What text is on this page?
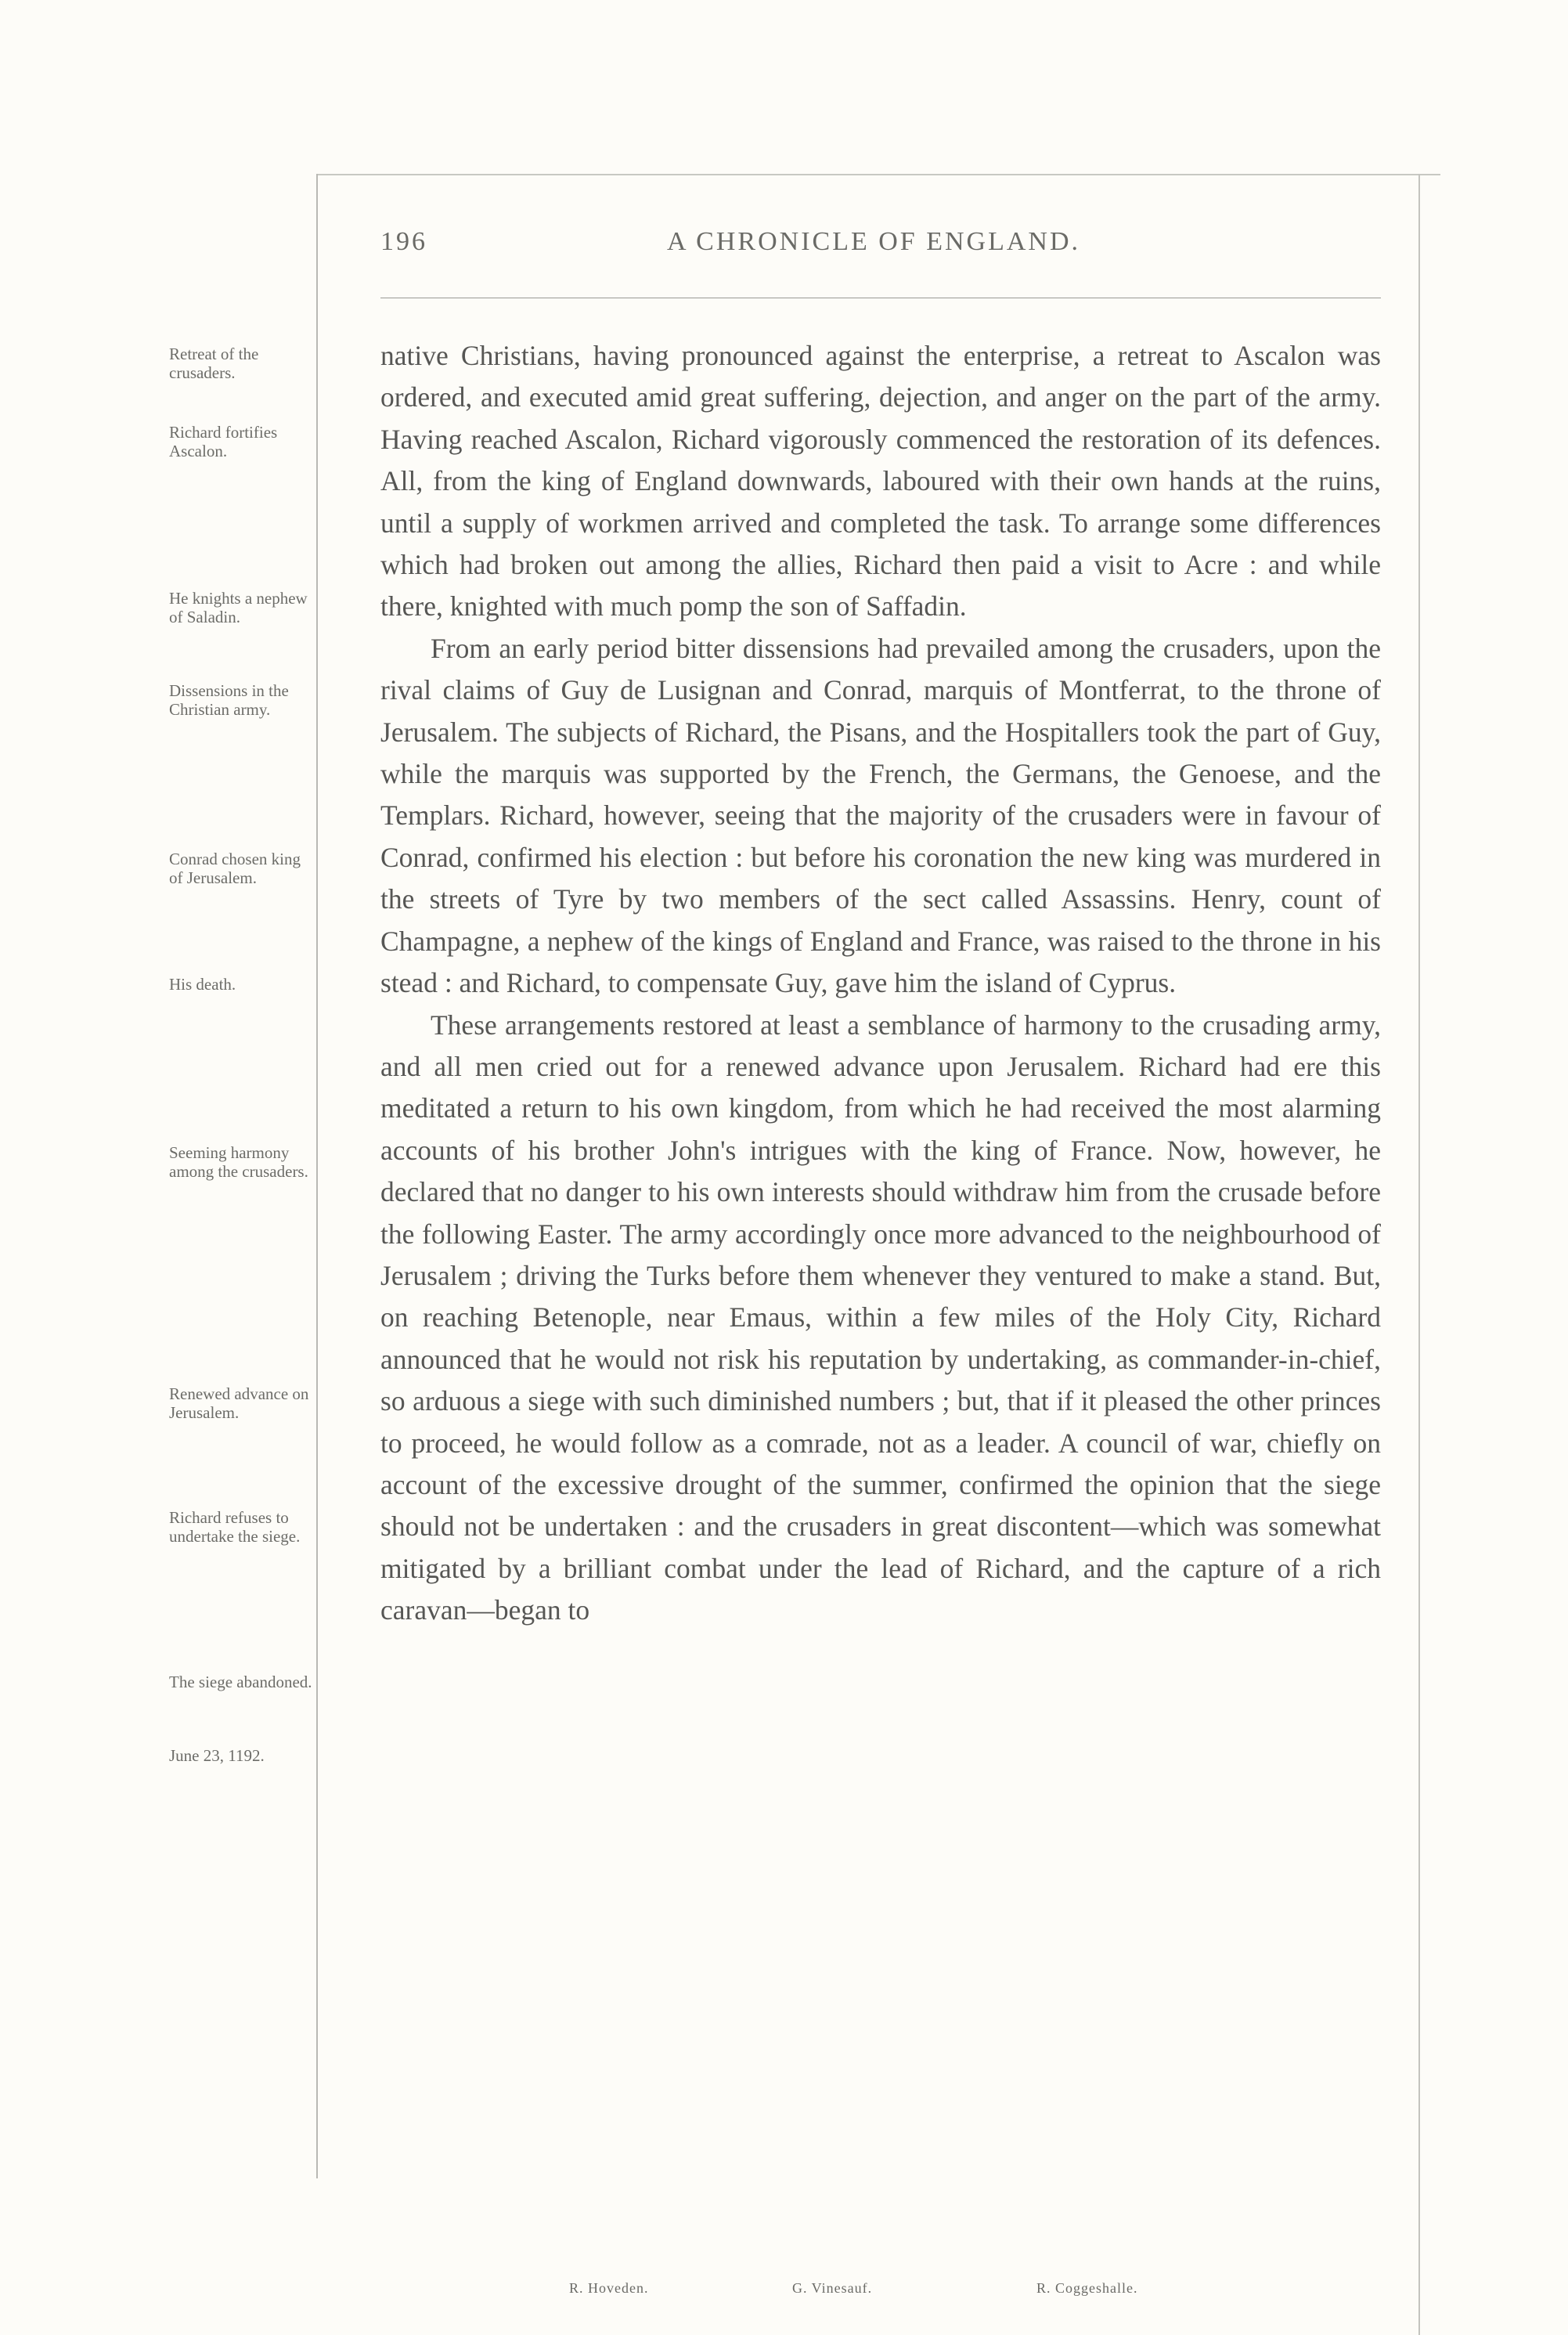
196	A CHRONICLE OF ENGLAND.
Retreat of the crusaders.
Richard fortifies Ascalon.
He knights a nephew of Saladin.
Dissensions in the Christian army.
Conrad chosen king of Jerusalem.
His death.
Seeming harmony among the crusaders.
Renewed advance on Jerusalem.
Richard refuses to undertake the siege.
The siege abandoned.
June 23, 1192.

native Christians, having pronounced against the enterprise, a retreat to Ascalon was ordered, and executed amid great suffering, dejection, and anger on the part of the army. Having reached Ascalon, Richard vigorously commenced the restoration of its defences. All, from the king of England downwards, laboured with their own hands at the ruins, until a supply of workmen arrived and completed the task. To arrange some differences which had broken out among the allies, Richard then paid a visit to Acre : and while there, knighted with much pomp the son of Saffadin.

From an early period bitter dissensions had prevailed among the crusaders, upon the rival claims of Guy de Lusignan and Conrad, marquis of Montferrat, to the throne of Jerusalem. The subjects of Richard, the Pisans, and the Hospitallers took the part of Guy, while the marquis was supported by the French, the Germans, the Genoese, and the Templars. Richard, however, seeing that the majority of the crusaders were in favour of Conrad, confirmed his election : but before his coronation the new king was murdered in the streets of Tyre by two members of the sect called Assassins. Henry, count of Champagne, a nephew of the kings of England and France, was raised to the throne in his stead : and Richard, to compensate Guy, gave him the island of Cyprus.

These arrangements restored at least a semblance of harmony to the crusading army, and all men cried out for a renewed advance upon Jerusalem. Richard had ere this meditated a return to his own kingdom, from which he had received the most alarming accounts of his brother John's intrigues with the king of France. Now, however, he declared that no danger to his own interests should withdraw him from the crusade before the following Easter. The army accordingly once more advanced to the neighbourhood of Jerusalem ; driving the Turks before them whenever they ventured to make a stand. But, on reaching Betenople, near Emaus, within a few miles of the Holy City, Richard announced that he would not risk his reputation by undertaking, as commander-in-chief, so arduous a siege with such diminished numbers ; but, that if it pleased the other princes to proceed, he would follow as a comrade, not as a leader. A council of war, chiefly on account of the excessive drought of the summer, confirmed the opinion that the siege should not be undertaken : and the crusaders in great discontent—which was somewhat mitigated by a brilliant combat under the lead of Richard, and the capture of a rich caravan—began to

R. Hoveden.	G. Vinesauf.	R. Coggeshalle.
